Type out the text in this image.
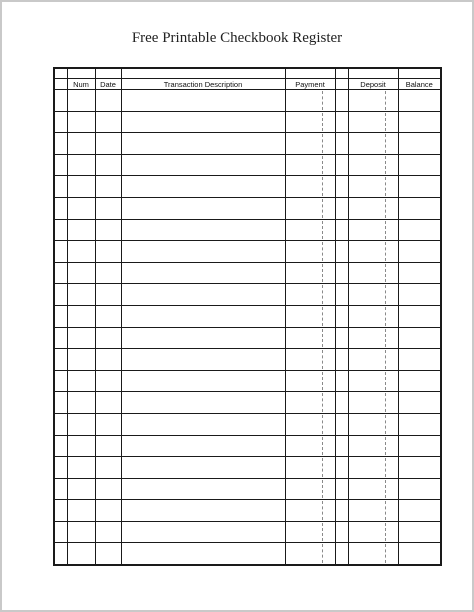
Free Printable Checkbook Register

	Num	Date	Transaction Description	Payment		Deposit	Balance
